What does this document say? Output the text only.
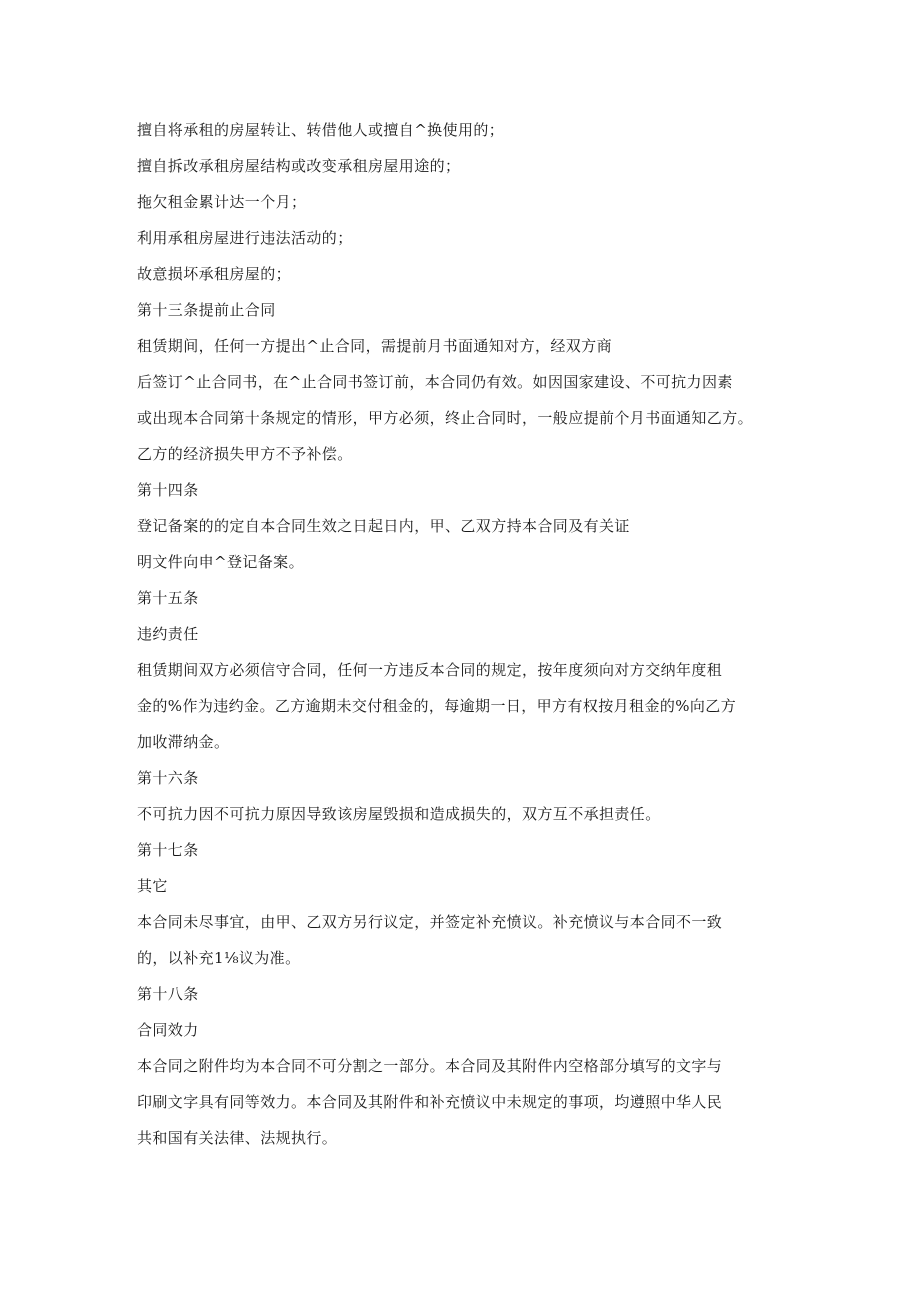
擅自将承租的房屋转让、转借他人或擅自^换使用的；

擅自拆改承租房屋结构或改变承租房屋用途的；

拖欠租金累计达一个月；

利用承租房屋进行违法活动的；

故意损坏承租房屋的；

第十三条提前止合同

租赁期间，任何一方提出^止合同，需提前月书面通知对方，经双方商

后签订^止合同书，在^止合同书签订前，本合同仍有效。如因国家建设、不可抗力因素

或出现本合同第十条规定的情形，甲方必须，终止合同时，一般应提前个月书面通知乙方。

乙方的经济损失甲方不予补偿。

第十四条

登记备案的的定自本合同生效之日起日内，甲、乙双方持本合同及有关证

明文件向申^登记备案。

第十五条

违约责任

租赁期间双方必须信守合同，任何一方违反本合同的规定，按年度须向对方交纳年度租

金的%作为违约金。乙方逾期未交付租金的，每逾期一日，甲方有权按月租金的%向乙方

加收滞纳金。

第十六条

不可抗力因不可抗力原因导致该房屋毁损和造成损失的，双方互不承担责任。

第十七条

其它

本合同未尽事宜，由甲、乙双方另行议定，并签定补充愤议。补充愤议与本合同不一致

的，以补充1⅛议为准。

第十八条

合同效力

本合同之附件均为本合同不可分割之一部分。本合同及其附件内空格部分填写的文字与

印刷文字具有同等效力。本合同及其附件和补充愤议中未规定的事项，均遵照中华人民

共和国有关法律、法规执行。
